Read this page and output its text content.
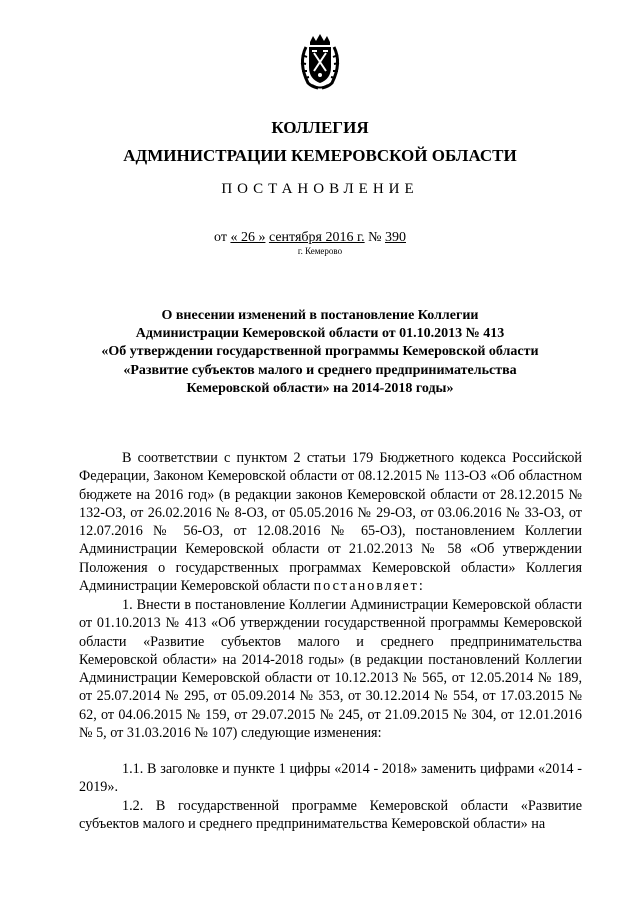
КОЛЛЕГИЯ
АДМИНИСТРАЦИИ КЕМЕРОВСКОЙ ОБЛАСТИ
ПОСТАНОВЛЕНИЕ
от « 26 » сентября 2016 г. № 390
г. Кемерово
О внесении изменений в постановление Коллегии
Администрации Кемеровской области от 01.10.2013 № 413
«Об утверждении государственной программы Кемеровской области
«Развитие субъектов малого и среднего предпринимательства
Кемеровской области» на 2014-2018 годы»
В соответствии с пунктом 2 статьи 179 Бюджетного кодекса Российской Федерации, Законом Кемеровской области от 08.12.2015 № 113-ОЗ «Об областном бюджете на 2016 год» (в редакции законов Кемеровской области от 28.12.2015 № 132-ОЗ, от 26.02.2016 № 8-ОЗ, от 05.05.2016 № 29-ОЗ, от 03.06.2016 № 33-ОЗ, от 12.07.2016 № 56-ОЗ, от 12.08.2016 № 65-ОЗ), постановлением Коллегии Администрации Кемеровской области от 21.02.2013 № 58 «Об утверждении Положения о государственных программах Кемеровской области» Коллегия Администрации Кемеровской области постановляет:
1. Внести в постановление Коллегии Администрации Кемеровской области от 01.10.2013 № 413 «Об утверждении государственной программы Кемеровской области «Развитие субъектов малого и среднего предпринимательства Кемеровской области» на 2014-2018 годы» (в редакции постановлений Коллегии Администрации Кемеровской области от 10.12.2013 № 565, от 12.05.2014 № 189, от 25.07.2014 № 295, от 05.09.2014 № 353, от 30.12.2014 № 554, от 17.03.2015 № 62, от 04.06.2015 № 159, от 29.07.2015 № 245, от 21.09.2015 № 304, от 12.01.2016 № 5, от 31.03.2016 № 107) следующие изменения:
1.1. В заголовке и пункте 1 цифры «2014 - 2018» заменить цифрами «2014 - 2019».
1.2. В государственной программе Кемеровской области «Развитие субъектов малого и среднего предпринимательства Кемеровской области» на
